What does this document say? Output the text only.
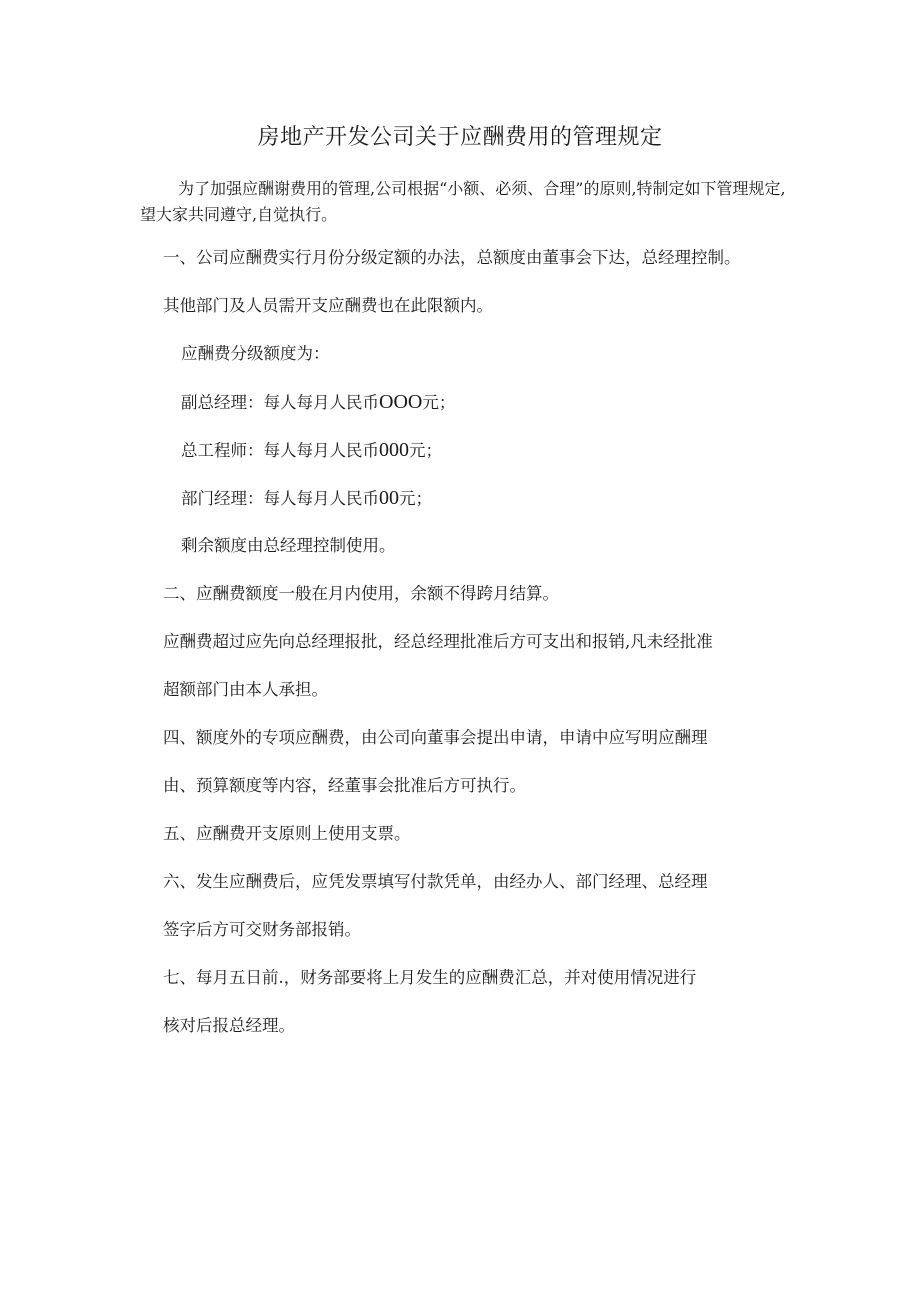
房地产开发公司关于应酬费用的管理规定

为了加强应酬谢费用的管理,公司根据“小额、必须、合理”的原则,特制定如下管理规定,望大家共同遵守,自觉执行。

一、公司应酬费实行月份分级定额的办法，总额度由董事会下达，总经理控制。

其他部门及人员需开支应酬费也在此限额内。

应酬费分级额度为：

副总经理：每人每月人民币OOO元；

总工程师：每人每月人民币000元；

部门经理：每人每月人民币00元；

剩余额度由总经理控制使用。

二、应酬费额度一般在月内使用，余额不得跨月结算。

应酬费超过应先向总经理报批，经总经理批准后方可支出和报销,凡未经批准

超额部门由本人承担。

四、额度外的专项应酬费，由公司向董事会提出申请，申请中应写明应酬理

由、预算额度等内容，经董事会批准后方可执行。

五、应酬费开支原则上使用支票。

六、发生应酬费后，应凭发票填写付款凭单，由经办人、部门经理、总经理

签字后方可交财务部报销。

七、每月五日前.，财务部要将上月发生的应酬费汇总，并对使用情况进行

核对后报总经理。
